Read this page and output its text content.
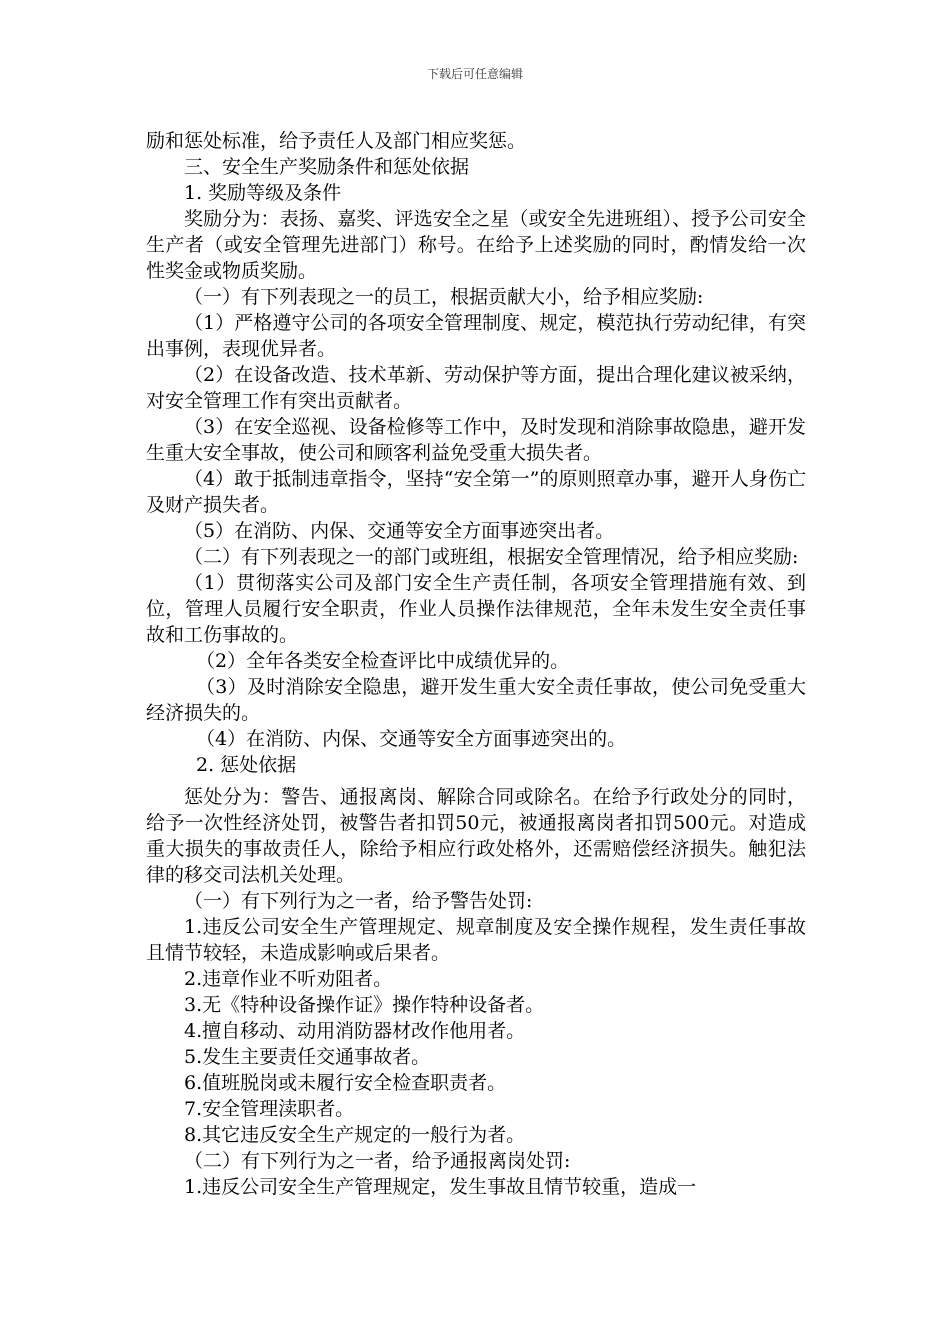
下载后可任意编辑

励和惩处标准，给予责任人及部门相应奖惩。

三、安全生产奖励条件和惩处依据

1. 奖励等级及条件

奖励分为：表扬、嘉奖、评选安全之星（或安全先进班组）、授予公司安全生产者（或安全管理先进部门）称号。在给予上述奖励的同时，酌情发给一次性奖金或物质奖励。

（一）有下列表现之一的员工，根据贡献大小，给予相应奖励:

（1）严格遵守公司的各项安全管理制度、规定，模范执行劳动纪律，有突出事例，表现优异者。

（2）在设备改造、技术革新、劳动保护等方面，提出合理化建议被采纳，对安全管理工作有突出贡献者。

（3）在安全巡视、设备检修等工作中，及时发现和消除事故隐患，避开发生重大安全事故，使公司和顾客利益免受重大损失者。

（4）敢于抵制违章指令，坚持“安全第一”的原则照章办事，避开人身伤亡及财产损失者。

（5）在消防、内保、交通等安全方面事迹突出者。

（二）有下列表现之一的部门或班组，根据安全管理情况，给予相应奖励:

（1）贯彻落实公司及部门安全生产责任制，各项安全管理措施有效、到位，管理人员履行安全职责，作业人员操作法律规范，全年未发生安全责任事故和工伤事故的。

（2）全年各类安全检查评比中成绩优异的。

（3）及时消除安全隐患，避开发生重大安全责任事故，使公司免受重大经济损失的。

（4）在消防、内保、交通等安全方面事迹突出的。

2. 惩处依据

惩处分为：警告、通报离岗、解除合同或除名。在给予行政处分的同时，给予一次性经济处罚，被警告者扣罚50元，被通报离岗者扣罚500元。对造成重大损失的事故责任人，除给予相应行政处格外，还需赔偿经济损失。触犯法律的移交司法机关处理。

（一）有下列行为之一者，给予警告处罚:

1.违反公司安全生产管理规定、规章制度及安全操作规程，发生责任事故且情节较轻，未造成影响或后果者。

2.违章作业不听劝阻者。

3.无《特种设备操作证》操作特种设备者。

4.擅自移动、动用消防器材改作他用者。

5.发生主要责任交通事故者。

6.值班脱岗或未履行安全检查职责者。

7.安全管理渎职者。

8.其它违反安全生产规定的一般行为者。

（二）有下列行为之一者，给予通报离岗处罚:

1.违反公司安全生产管理规定，发生事故且情节较重，造成一
